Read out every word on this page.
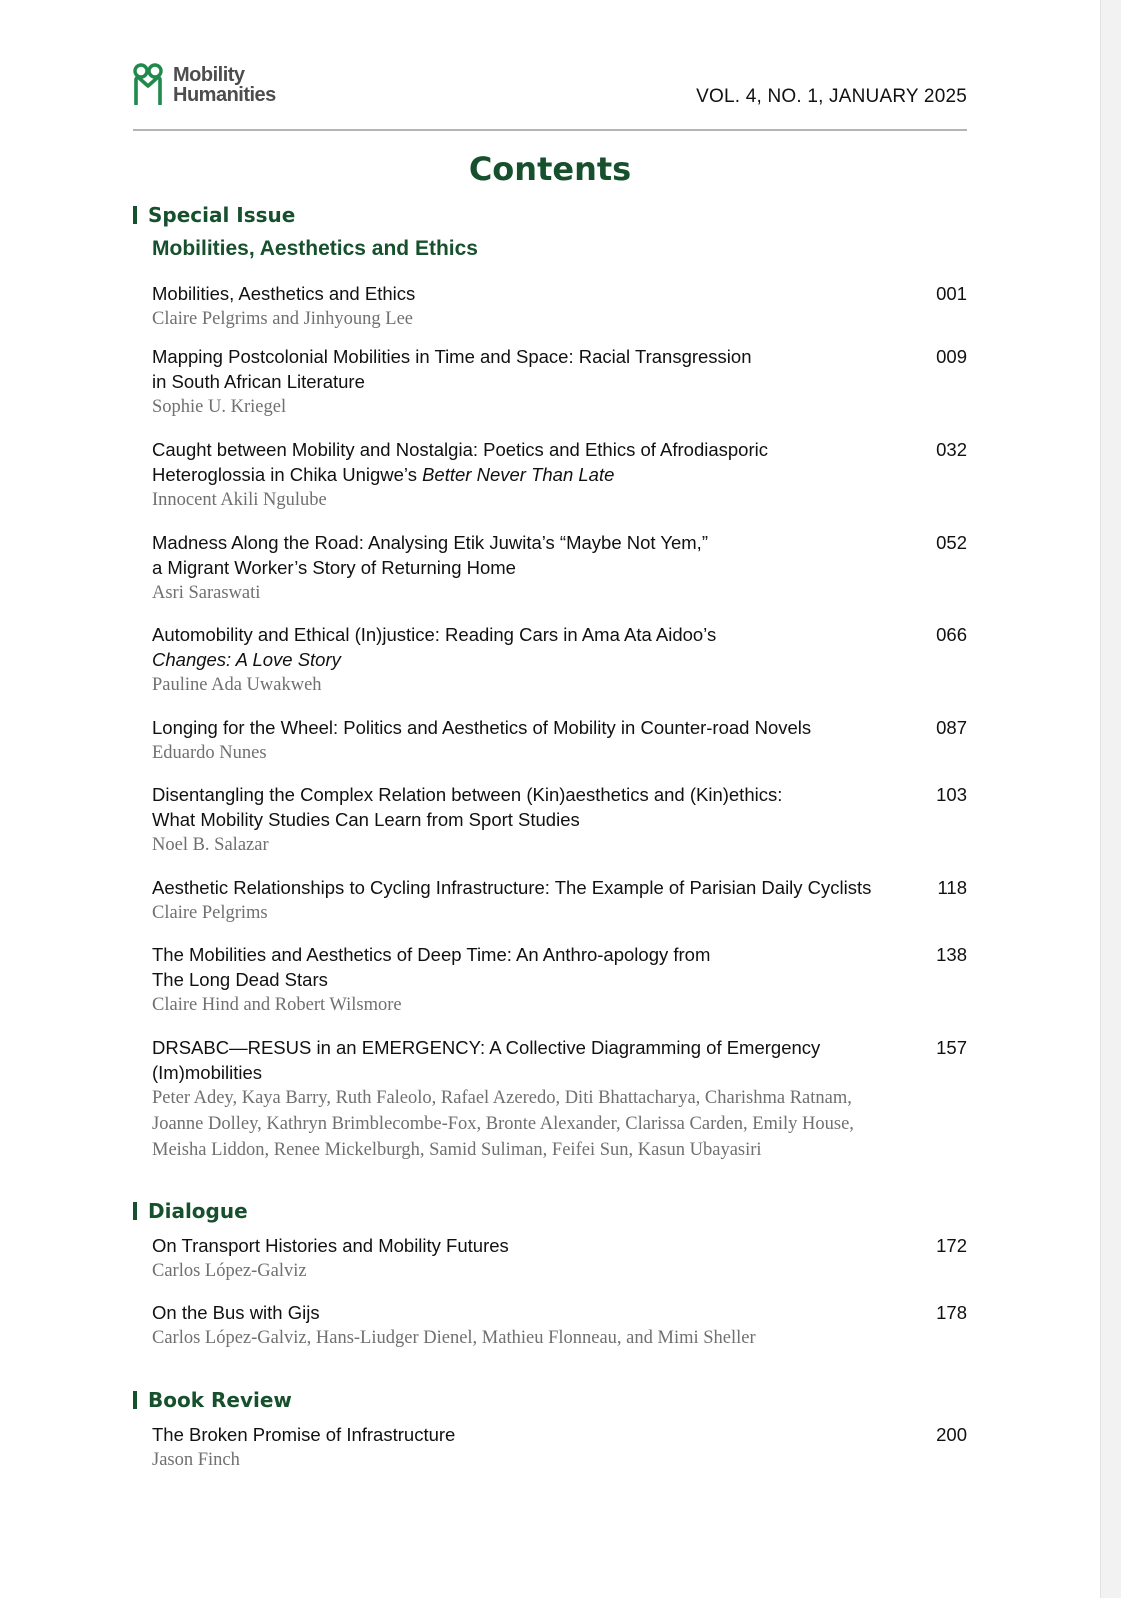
Mobility
Humanities	VOL. 4, NO. 1, JANUARY 2025
Contents
Special Issue
Mobilities, Aesthetics and Ethics
Mobilities, Aesthetics and Ethics
Claire Pelgrims and Jinhyoung Lee
001
Mapping Postcolonial Mobilities in Time and Space: Racial Transgression
in South African Literature
Sophie U. Kriegel
009
Caught between Mobility and Nostalgia: Poetics and Ethics of Afrodiasporic
Heteroglossia in Chika Unigwe’s Better Never Than Late
Innocent Akili Ngulube
032
Madness Along the Road: Analysing Etik Juwita’s “Maybe Not Yem,”
a Migrant Worker’s Story of Returning Home
Asri Saraswati
052
Automobility and Ethical (In)justice: Reading Cars in Ama Ata Aidoo’s
Changes: A Love Story
Pauline Ada Uwakweh
066
Longing for the Wheel: Politics and Aesthetics of Mobility in Counter-road Novels
Eduardo Nunes
087
Disentangling the Complex Relation between (Kin)aesthetics and (Kin)ethics:
What Mobility Studies Can Learn from Sport Studies
Noel B. Salazar
103
Aesthetic Relationships to Cycling Infrastructure: The Example of Parisian Daily Cyclists
Claire Pelgrims
118
The Mobilities and Aesthetics of Deep Time: An Anthro-apology from
The Long Dead Stars
Claire Hind and Robert Wilsmore
138
DRSABC—RESUS in an EMERGENCY: A Collective Diagramming of Emergency
(Im)mobilities
Peter Adey, Kaya Barry, Ruth Faleolo, Rafael Azeredo, Diti Bhattacharya, Charishma Ratnam,
Joanne Dolley, Kathryn Brimblecombe-Fox, Bronte Alexander, Clarissa Carden, Emily House,
Meisha Liddon, Renee Mickelburgh, Samid Suliman, Feifei Sun, Kasun Ubayasiri
157
Dialogue
On Transport Histories and Mobility Futures
Carlos López-Galviz
172
On the Bus with Gijs
Carlos López-Galviz, Hans-Liudger Dienel, Mathieu Flonneau, and Mimi Sheller
178
Book Review
The Broken Promise of Infrastructure
Jason Finch
200
